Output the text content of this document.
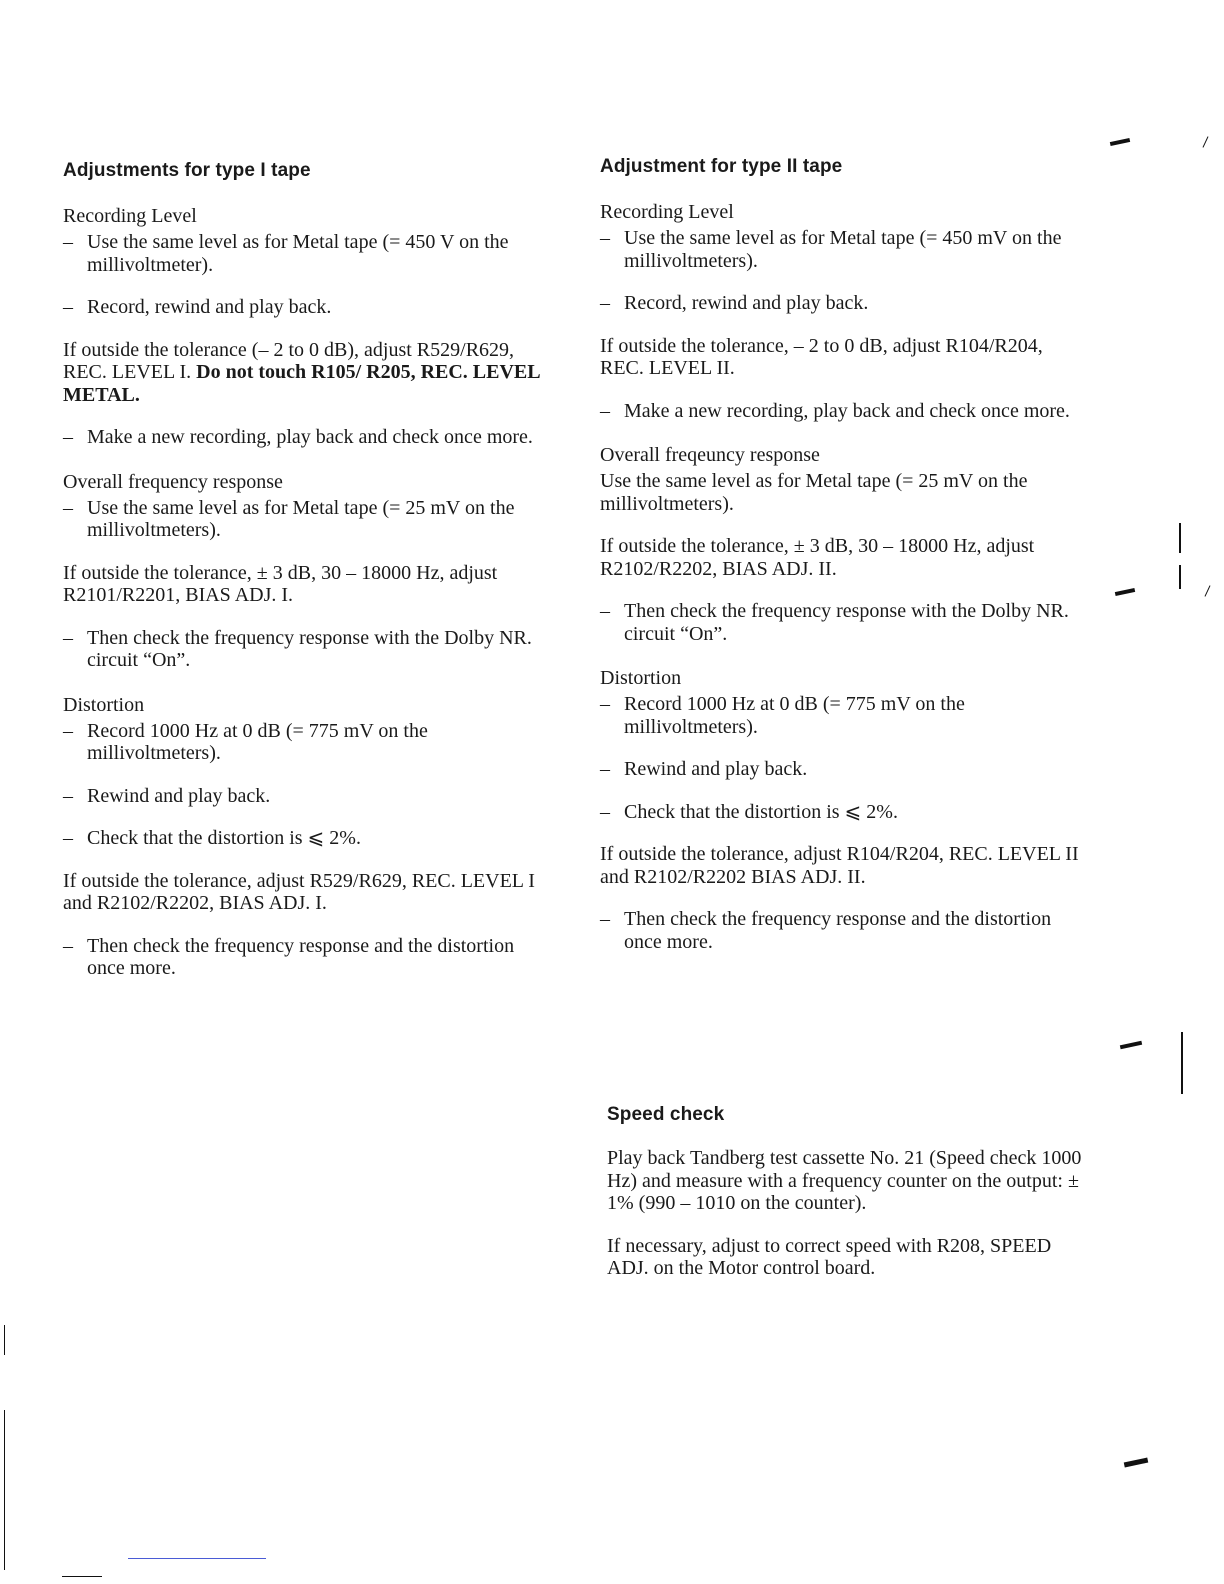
Adjustments for type I tape
Recording Level
– Use the same level as for Metal tape (= 450 V on the millivoltmeter).
– Record, rewind and play back.
If outside the tolerance (– 2 to 0 dB), adjust R529/R629, REC. LEVEL I. Do not touch R105/ R205, REC. LEVEL METAL.
– Make a new recording, play back and check once more.
Overall frequency response
– Use the same level as for Metal tape (= 25 mV on the millivoltmeters).
If outside the tolerance, ± 3 dB, 30 – 18000 Hz, adjust R2101/R2201, BIAS ADJ. I.
– Then check the frequency response with the Dolby NR. circuit “On”.
Distortion
– Record 1000 Hz at 0 dB (= 775 mV on the millivoltmeters).
– Rewind and play back.
– Check that the distortion is ⩽ 2%.
If outside the tolerance, adjust R529/R629, REC. LEVEL I and R2102/R2202, BIAS ADJ. I.
– Then check the frequency response and the distortion once more.
Adjustment for type II tape
Recording Level
– Use the same level as for Metal tape (= 450 mV on the millivoltmeters).
– Record, rewind and play back.
If outside the tolerance, – 2 to 0 dB, adjust R104/R204, REC. LEVEL II.
– Make a new recording, play back and check once more.
Overall freqeuncy response
Use the same level as for Metal tape (= 25 mV on the millivoltmeters).
If outside the tolerance, ± 3 dB, 30 – 18000 Hz, adjust R2102/R2202, BIAS ADJ. II.
– Then check the frequency response with the Dolby NR. circuit “On”.
Distortion
– Record 1000 Hz at 0 dB (= 775 mV on the millivoltmeters).
– Rewind and play back.
– Check that the distortion is ⩽ 2%.
If outside the tolerance, adjust R104/R204, REC. LEVEL II and R2102/R2202 BIAS ADJ. II.
– Then check the frequency response and the distortion once more.
Speed check
Play back Tandberg test cassette No. 21 (Speed check 1000 Hz) and measure with a frequency counter on the output: ± 1% (990 – 1010 on the counter).
If necessary, adjust to correct speed with R208, SPEED ADJ. on the Motor control board.
